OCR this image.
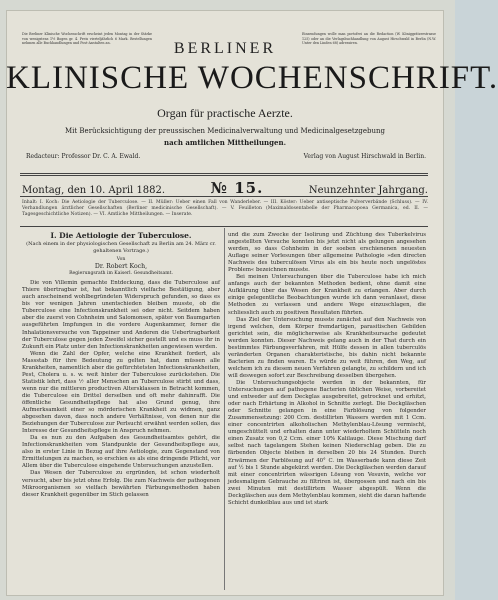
Die Berliner Klinische Wochenschrift erscheint jeden Montag in der Stärke von wenigstens 1½ Bogen gr. 4. Preis vierteljährlich 6 Mark. Bestellungen nehmen alle Buchhandlungen und Post-Anstalten an.
Einsendungen wolle man portofrei an die Redaction (W. Königgrätzerstrasse 125) oder an die Verlagsbuchhandlung von August Hirschwald in Berlin (N.W. Unter den Linden 68) adressiren.
BERLINER
KLINISCHE WOCHENSCHRIFT.
Organ für practische Aerzte.
Mit Berücksichtigung der preussischen Medicinalverwaltung und Medicinalgesetzgebung
nach amtlichen Mittheilungen.
Redacteur: Professor Dr. C. A. Ewald.	Verlag von August Hirschwald in Berlin.
Montag, den 10. April 1882.	№ 15.	Neunzehnter Jahrgang.
Inhalt: I. Koch: Die Aetiologie der Tuberculose. — II. Müller: Ueber einen Fall von Wanderleber. — III. Köster: Ueber antiseptische Pulververbände (Schluss). — IV. Verhandlungen ärztlicher Gesellschaften (Berliner medicinische Gesellschaft). — V. Feuilleton (Maximaldosentabelle der Pharmacopoea Germanica, ed. II. — Tagesgeschichtliche Notizen). — VI. Amtliche Mittheilungen. — Inserate.
I. Die Aetiologie der Tuberculose.
(Nach einem in der physiologischen Gesellschaft zu Berlin am 24. März cr. gehaltenen Vortrage.)
Von
Dr. Robert Koch,
Regierungsrath im Kaiserl. Gesundheitsamt.

Die von Villemin gemachte Entdeckung, dass die Tuberculose auf Thiere übertragbar ist, hat bekanntlich vielfache Bestätigung, aber auch anscheinend wohlbegründeten Widerspruch gefunden, so dass es bis vor wenigen Jahren unentschieden bleiben musste, ob die Tuberculose eine Infectionskrankheit sei oder nicht. Seitdem haben aber die zuerst von Cohnheim und Salomonsen, später von Baumgarten ausgeführten Impfungen in die vordere Augenkammer, ferner die Inhalationsversuche von Tappeiner und Anderen die Uebertragbarkeit der Tuberculose gegen jeden Zweifel sicher gestellt und es muss ihr in Zukunft ein Platz unter den Infectionskrankheiten angewiesen werden.

Wenn die Zahl der Opfer, welche eine Krankheit fordert, als Massstab für ihre Bedeutung zu gelten hat, dann müssen alle Krankheiten, namentlich aber die gefürchtetsten Infectionskrankheiten, Pest, Cholera u. s. w. weit hinter der Tuberculose zurückstehen. Die Statistik lehrt, dass ⅐ aller Menschen an Tuberculose stirbt und dass, wenn nur die mittleren productiven Altersklassen in Betracht kommen, die Tuberculose ein Drittel derselben und oft mehr dahinrafft. Die öffentliche Gesundheitspflege hat also Grund genug, ihre Aufmerksamkeit einer so mörderischen Krankheit zu widmen, ganz abgesehen davon, dass noch andere Verhältnisse, von denen nur die Beziehungen der Tuberculose zur Perlsucht erwähnt werden sollen, das Interesse der Gesundheitspflege in Anspruch nehmen.

Da es nun zu den Aufgaben des Gesundheitsamtes gehört, die Infectionskrankheiten vom Standpunkte der Gesundheitspflege aus, also in erster Linie in Bezug auf ihre Aetiologie, zum Gegenstand von Ermittelungen zu machen, so erschien es als eine dringende Pflicht, vor Allem über die Tuberculose eingehende Untersuchungen anzustellen.

Das Wesen der Tuberculose zu ergründen, ist schon wiederholt versucht, aber bis jetzt ohne Erfolg. Die zum Nachweis der pathogenen Mikroorganismen so vielfach bewährten Färbungsmethoden haben dieser Krankheit gegenüber im Stich gelassen

und die zum Zwecke der Isolirung und Züchtung des Tuberkelvirus angestellten Versuche konnten bis jetzt nicht als gelungen angesehen werden, so dass Cohnheim in der soeben erschienenen neuesten Auflage seiner Vorlesungen über allgemeine Pathologie »den directen Nachweis des tuberculösen Virus als ein bis heute noch ungelöstes Problem« bezeichnen musste.

Bei meinen Untersuchungen über die Tuberculose habe ich mich anfangs auch der bekannten Methoden bedient, ohne damit eine Aufklärung über das Wesen der Krankheit zu erlangen. Aber durch einige gelegentliche Beobachtungen wurde ich dann veranlasst, diese Methoden zu verlassen und andere Wege einzuschlagen, die schliesslich auch zu positiven Resultaten führten.

Das Ziel der Untersuchung musste zunächst auf den Nachweis von irgend welchen, dem Körper fremdartigen, parasitischen Gebilden gerichtet sein, die möglicherweise als Krankheitsursache gedeutet werden konnten. Dieser Nachweis gelang auch in der That durch ein bestimmtes Färbungsverfahren, mit Hülfe dessen in allen tuberculös veränderten Organen charakteristische, bis dahin nicht bekannte Bacterien zu finden waren. Es würde zu weit führen, den Weg, auf welchem ich zu diesem neuen Verfahren gelangte, zu schildern und ich will deswegen sofort zur Beschreibung desselben übergehen.

Die Untersuchungsobjecte werden in der bekannten, für Untersuchungen auf pathogene Bacterien üblichen Weise, vorbereitet und entweder auf dem Deckglas ausgebreitet, getrocknet und erhitzt, oder nach Erhärtung in Alkohol in Schnitte zerlegt. Die Deckgläschen oder Schnitte gelangen in eine Farblösung von folgender Zusammensetzung: 200 Ccm. destillirten Wassers werden mit 1 Ccm. einer concentrirten alkoholischen Methylenblau-Lösung vermischt, umgeschüttelt und erhalten dann unter wiederholtem Schütteln noch einen Zusatz von 0,2 Ccm. einer 10% Kalilauge. Diese Mischung darf selbst nach tagelangem Stehen keinen Niederschlag geben. Die zu färbenden Objecte bleiben in derselben 20 bis 24 Stunden. Durch Erwärmen der Farblösung auf 40° C. im Wasserbade kann diese Zeit auf ½ bis 1 Stunde abgekürzt werden. Die Deckgläschen werden darauf mit einer concentrirten wässrigen Lösung von Vesuvin, welche vor jedesmaligem Gebrauche zu filtriren ist, übergossen und nach ein bis zwei Minuten mit destillirtem Wasser abgespült. Wenn die Deckgläschen aus dem Methylenblau kommen, sieht die daran haftende Schicht dunkelblau aus und ist stark
